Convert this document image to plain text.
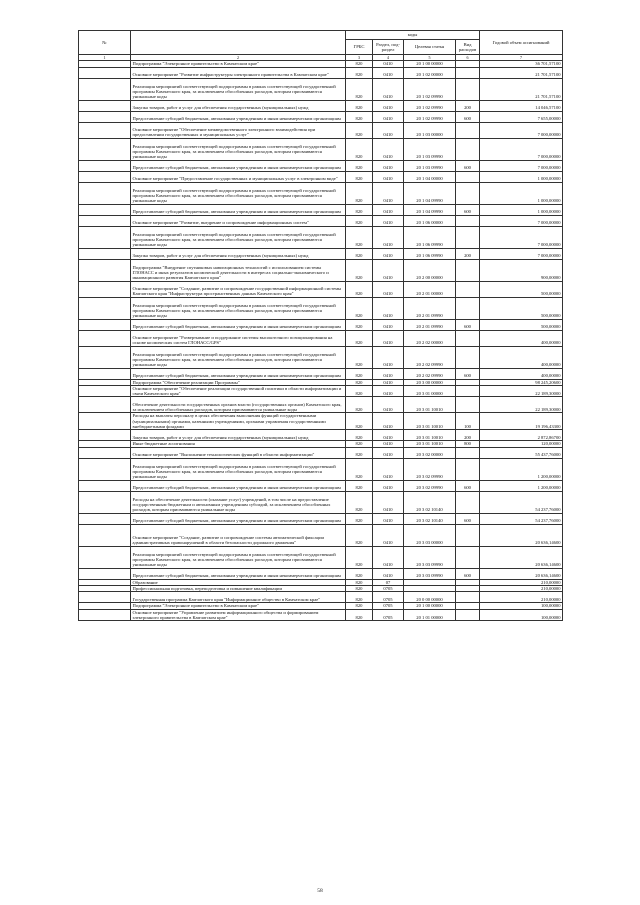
№		коды				Годовой объем ассигнований
		ГРБС	Раздел, под-раздел	Целевая статья	Вид расходов	
1	2	3	4	5	6	7
	Подпрограмма "Электронное правительство в Камчатском крае"	820	0410	20 1 00 00000		36 701,57100
	Основное мероприятие "Развитие инфраструктуры электронного правительства в Камчатском крае"	820	0410	20 1 02 00000		21 701,57100
	Реализация мероприятий соответствующей подпрограммы в рамках соответствующей государственной программы Камчатского края, за исключением обособленных расходов, которым присваиваются уникальные коды	820	0410	20 1 02 09990		21 701,57100
	Закупка товаров, работ и услуг для обеспечения государственных (муниципальных) нужд	820	0410	20 1 02 09990	200	14 046,57100
	Предоставление субсидий бюджетным, автономным учреждениям и иным некоммерческим организациям	820	0410	20 1 02 09990	600	7 655,00000
	Основное мероприятие "Обеспечение межведомственного электронного взаимодействия при предоставлении государственных и муниципальных услуг"	820	0410	20 1 03 00000		7 000,00000
	Реализация мероприятий соответствующей подпрограммы в рамках соответствующей государственной программы Камчатского края, за исключением обособленных расходов, которым присваиваются уникальные коды	820	0410	20 1 03 09990		7 000,00000
	Предоставление субсидий бюджетным, автономным учреждениям и иным некоммерческим организациям	820	0410	20 1 03 09990	600	7 000,00000
	Основное мероприятие "Предоставление государственных и муниципальных услуг в электронном виде"	820	0410	20 1 04 00000		1 000,00000
	Реализация мероприятий соответствующей подпрограммы в рамках соответствующей государственной программы Камчатского края, за исключением обособленных расходов, которым присваиваются уникальные коды	820	0410	20 1 04 09990		1 000,00000
	Предоставление субсидий бюджетным, автономным учреждениям и иным некоммерческим организациям	820	0410	20 1 04 09990	600	1 000,00000
	Основное мероприятие "Развитие, внедрение и сопровождение информационных систем"	820	0410	20 1 06 00000		7 000,00000
	Реализация мероприятий соответствующей подпрограммы в рамках соответствующей государственной программы Камчатского края, за исключением обособленных расходов, которым присваиваются уникальные коды	820	0410	20 1 06 09990		7 000,00000
	Закупка товаров, работ и услуг для обеспечения государственных (муниципальных) нужд	820	0410	20 1 06 09990	200	7 000,00000
	Подпрограмма "Внедрение спутниковых навигационных технологий с использованием системы ГЛОНАСС и иных результатов космической деятельности в интересах социально-экономического и инновационного развития Камчатского края"	820	0410	20 2 00 00000		900,00000
	Основное мероприятие "Создание, развитие и сопровождение государственной информационной системы Камчатского края "Инфраструктура пространственных данных Камчатского края"	820	0410	20 2 01 00000		500,00000
	Реализация мероприятий соответствующей подпрограммы в рамках соответствующей государственной программы Камчатского края, за исключением обособленных расходов, которым присваиваются уникальные коды	820	0410	20 2 01 09990		500,00000
	Предоставление субсидий бюджетным, автономным учреждениям и иным некоммерческим организациям	820	0410	20 2 01 09990	600	500,00000
	Основное мероприятие "Развертывание и поддержание системы высокоточного позиционирования на основе космических систем ГЛОНАСС/GPS"	820	0410	20 2 02 00000		400,00000
	Реализация мероприятий соответствующей подпрограммы в рамках соответствующей государственной программы Камчатского края, за исключением обособленных расходов, которым присваиваются уникальные коды	820	0410	20 2 02 09990		400,00000
	Предоставление субсидий бюджетным, автономным учреждениям и иным некоммерческим организациям	820	0410	20 2 02 09990	600	400,00000
	Подпрограмма "Обеспечение реализации Программы"	820	0410	20 3 00 00000		98 245,20600
	Основное мероприятие "Обеспечение реализации государственной политики в области информатизации и связи Камчатского края"	820	0410	20 3 01 00000		22 189,30000
	Обеспечение деятельности государственных органов власти (государственных органов) Камчатского края, за исключением обособленных расходов, которым присваиваются уникальные коды	820	0410	20 3 01 10010		22 189,30000
	Расходы на выплаты персоналу в целях обеспечения выполнения функций государственными (муниципальными) органами, казенными учреждениями, органами управления государственными внебюджетными фондами	820	0410	20 3 01 10010	100	19 196,43300
	Закупка товаров, работ и услуг для обеспечения государственных (муниципальных) нужд	820	0410	20 3 01 10010	200	2 872,86700
	Иные бюджетные ассигнования	820	0410	20 3 01 10010	800	120,00000
	Основное мероприятие "Выполнение технологических функций в области информатизации"	820	0410	20 3 02 00000		55 437,76000
	Реализация мероприятий соответствующей подпрограммы в рамках соответствующей государственной программы Камчатского края, за исключением обособленных расходов, которым присваиваются уникальные коды	820	0410	20 3 02 09990		1 200,00000
	Предоставление субсидий бюджетным, автономным учреждениям и иным некоммерческим организациям	820	0410	20 3 02 09990	600	1 200,00000
	Расходы на обеспечение деятельности (оказание услуг) учреждений, в том числе на предоставление государственным бюджетным и автономным учреждениям субсидий, за исключением обособленных расходов, которым присваиваются уникальные коды	820	0410	20 3 02 10140		54 237,76000
	Предоставление субсидий бюджетным, автономным учреждениям и иным некоммерческим организациям	820	0410	20 3 02 10140	600	54 237,76000
	Основное мероприятие "Создание, развитие и сопровождение системы автоматической фиксации административных правонарушений в области безопасности дорожного движения"	820	0410	20 3 03 00000		20 636,14600
	Реализация мероприятий соответствующей подпрограммы в рамках соответствующей государственной программы Камчатского края, за исключением обособленных расходов, которым присваиваются уникальные коды	820	0410	20 3 03 09990		20 636,14600
	Предоставление субсидий бюджетным, автономным учреждениям и иным некоммерческим организациям	820	0410	20 3 03 09990	600	20 636,14600
	Образование	820	07			210,00000
	Профессиональная подготовка, переподготовка и повышение квалификации	820	0705			210,00000
	Государственная программа Камчатского края "Информационное общество в Камчатском крае"	820	0705	20 0 00 00000		210,00000
	Подпрограмма "Электронное правительство в Камчатском крае"	820	0705	20 1 00 00000		100,00000
	Основное мероприятие "Управление развитием информационного общества и формированием электронного правительства в Камчатском крае"	820	0705	20 1 01 00000		100,00000
58
